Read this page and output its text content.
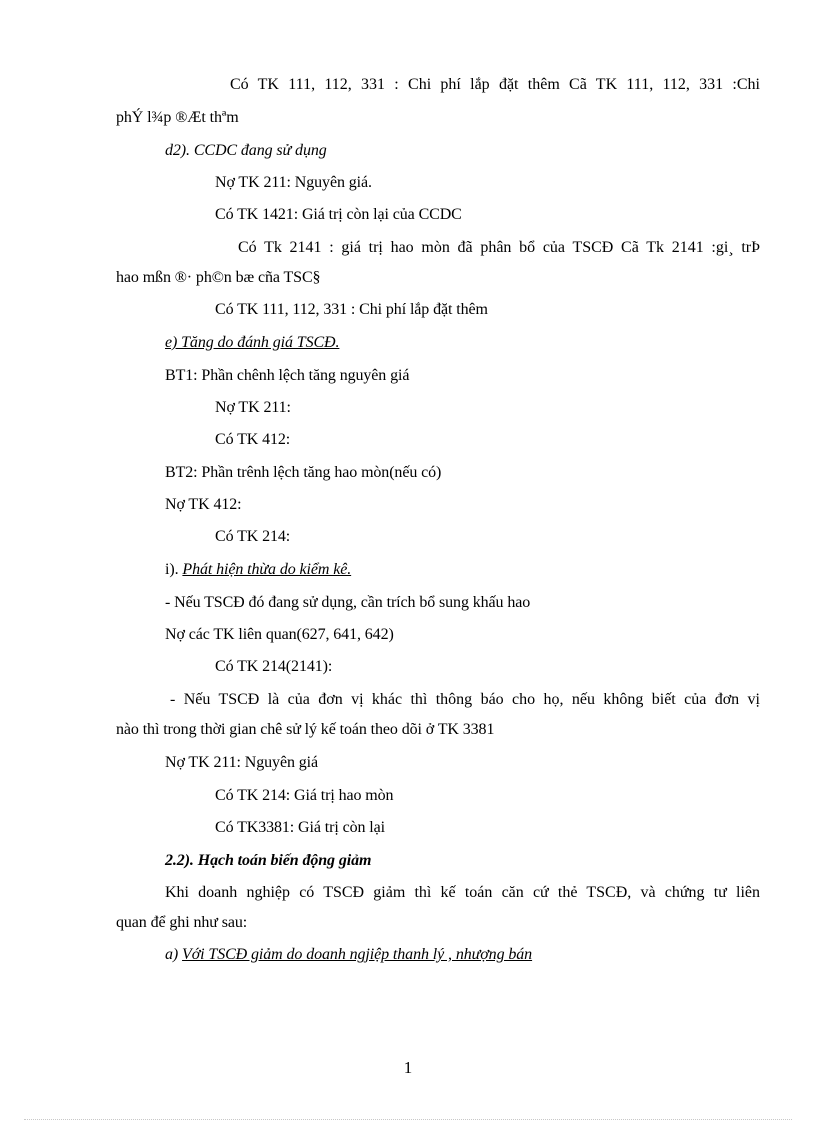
Có TK 111, 112, 331 : Chi phí lắp đặt thêm Cã TK 111, 112, 331 :Chi
phÝ l¾p ®Æt thªm
d2). CCDC đang sử dụng
Nợ TK 211: Nguyên giá.
Có TK 1421: Giá trị còn lại của CCDC
Có Tk 2141 : giá trị hao mòn đã phân bổ của TSCĐ Cã Tk 2141 :gi¸ trÞ
hao mßn ®· ph©n bæ cña TSC§
Có TK 111, 112, 331 : Chi phí lắp đặt thêm
e) Tăng do đánh giá TSCĐ.
BT1: Phần chênh lệch tăng nguyên giá
Nợ TK 211:
Có TK 412:
BT2: Phần trênh lệch tăng hao mòn(nếu có)
Nợ TK 412:
Có TK 214:
i). Phát hiện thừa do kiểm kê.
- Nếu TSCĐ đó đang sử dụng, cần trích bổ sung khấu hao
Nợ các TK liên quan(627, 641, 642)
Có TK 214(2141):
- Nếu TSCĐ là của đơn vị khác thì thông báo cho họ, nếu không biết của đơn vị
nào thì trong thời gian chê sử lý kế toán theo dõi ở TK 3381
Nợ TK 211: Nguyên giá
Có TK 214: Giá trị hao mòn
Có TK3381: Giá trị còn lại
2.2). Hạch toán biến động giảm
Khi doanh nghiệp có TSCĐ giảm thì kế toán căn cứ thẻ TSCĐ, và chứng tư liên
quan để ghi như sau:
a) Với TSCĐ giảm do doanh ngjiệp thanh lý , nhượng bán
1
